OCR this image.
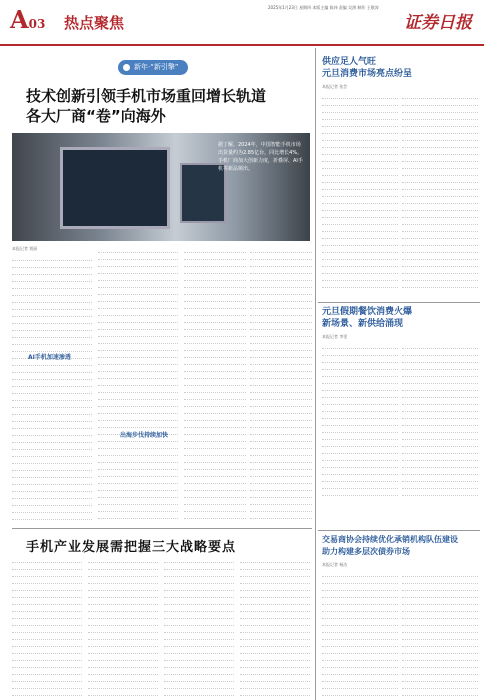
A03 热点聚焦
2025年1月23日 星期四 本版主编 陈炜 责编 吴澍 制作 王敬涛
证券日报
新年·“新引擎”
技术创新引领手机市场重回增长轨道
各大厂商“卷”向海外
据了解，2024年，中国智能手机市场出货量约为2.85亿台，同比增长4%。手机厂商加大创新力度，折叠屏、AI手机等新品频出。
本报记者 贾丽
AI手机加速渗透
出海步伐持续加快
手机产业发展需把握三大战略要点
供应足人气旺
元旦消费市场亮点纷呈
本报记者 张芸
元旦假期餐饮消费火爆
新场景、新供给涌现
本报记者 李雯
交易商协会持续优化承销机构队伍建设
助力构建多层次债券市场
本报记者 杨洁
